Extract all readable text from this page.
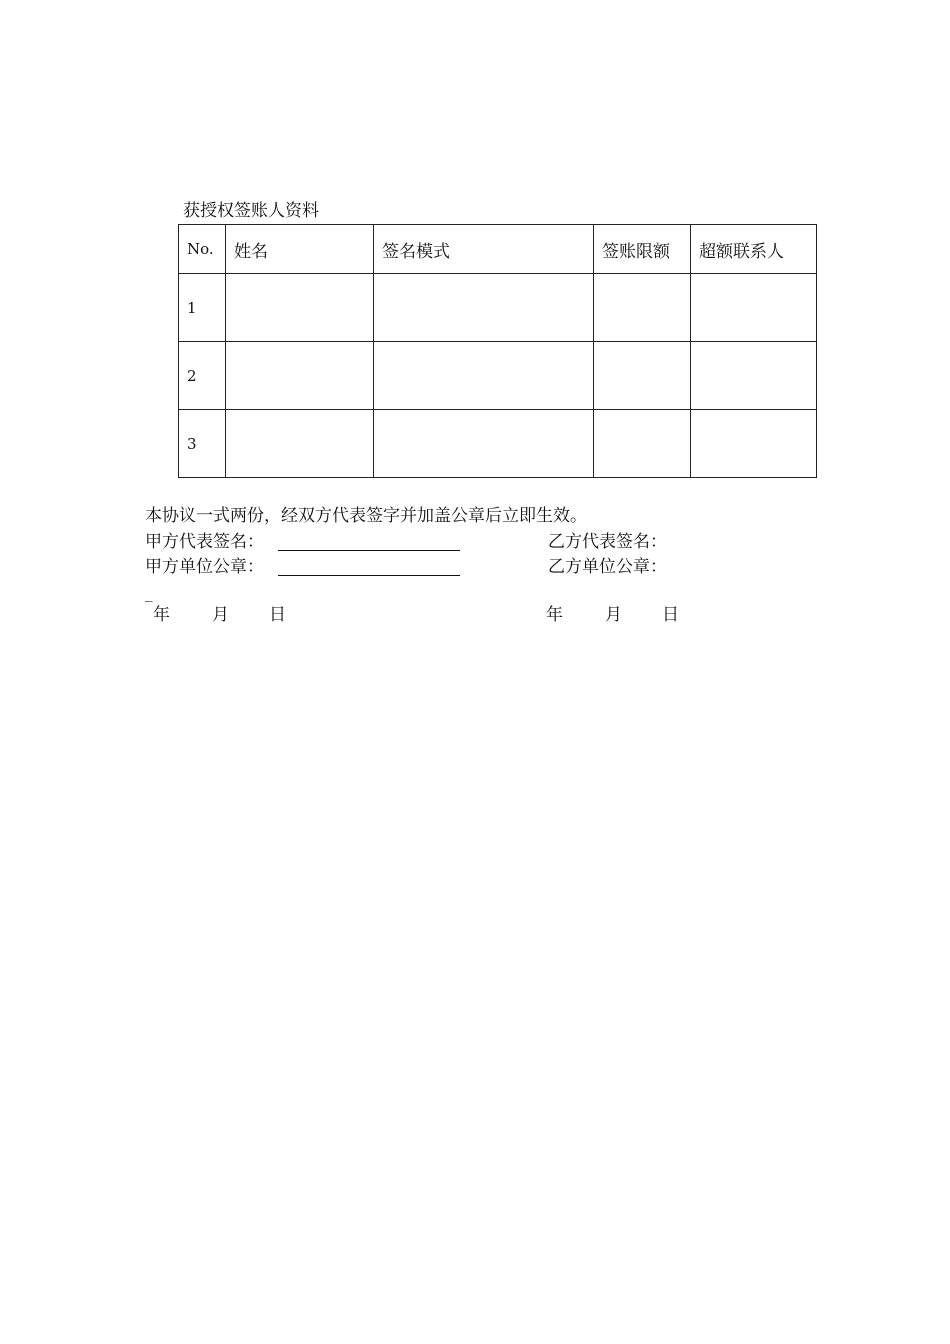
获授权签账人资料
No.	姓名	签名模式	签账限额	超额联系人
1				
2				
3				
本协议一式两份，经双方代表签字并加盖公章后立即生效。
甲方代表签名：	乙方代表签名：
甲方单位公章：	乙方单位公章：
_
年 月 日	年 月 日
